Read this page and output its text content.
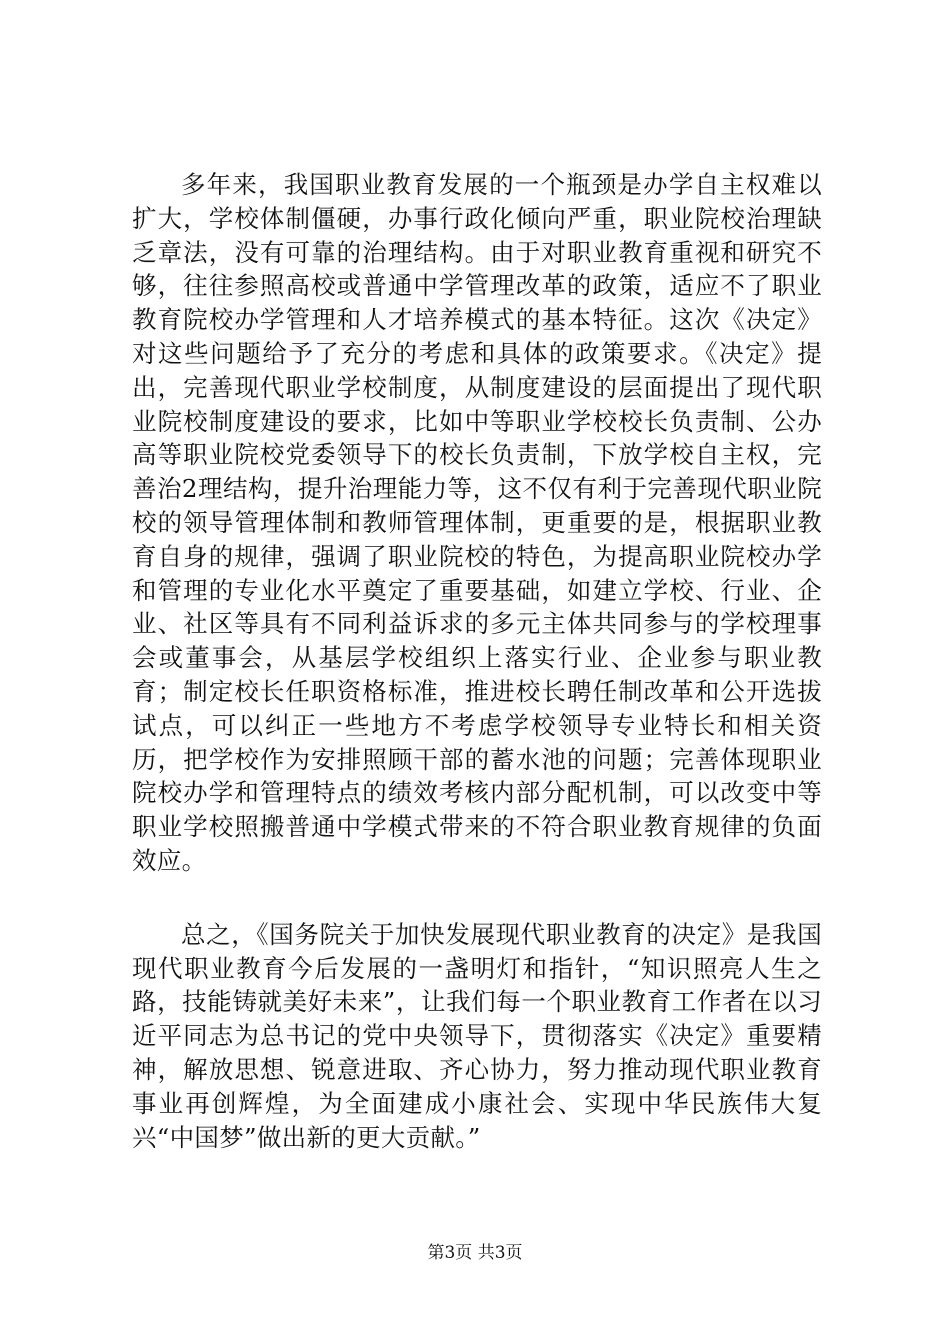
多年来，我国职业教育发展的一个瓶颈是办学自主权难以扩大，学校体制僵硬，办事行政化倾向严重，职业院校治理缺乏章法，没有可靠的治理结构。由于对职业教育重视和研究不够，往往参照高校或普通中学管理改革的政策，适应不了职业教育院校办学管理和人才培养模式的基本特征。这次《决定》对这些问题给予了充分的考虑和具体的政策要求。《决定》提出，完善现代职业学校制度，从制度建设的层面提出了现代职业院校制度建设的要求，比如中等职业学校校长负责制、公办高等职业院校党委领导下的校长负责制，下放学校自主权，完善治2理结构，提升治理能力等，这不仅有利于完善现代职业院校的领导管理体制和教师管理体制，更重要的是，根据职业教育自身的规律，强调了职业院校的特色，为提高职业院校办学和管理的专业化水平奠定了重要基础，如建立学校、行业、企业、社区等具有不同利益诉求的多元主体共同参与的学校理事会或董事会，从基层学校组织上落实行业、企业参与职业教育；制定校长任职资格标准，推进校长聘任制改革和公开选拔试点，可以纠正一些地方不考虑学校领导专业特长和相关资历，把学校作为安排照顾干部的蓄水池的问题；完善体现职业院校办学和管理特点的绩效考核内部分配机制，可以改变中等职业学校照搬普通中学模式带来的不符合职业教育规律的负面效应。

总之，《国务院关于加快发展现代职业教育的决定》是我国现代职业教育今后发展的一盏明灯和指针，“知识照亮人生之路，技能铸就美好未来”，让我们每一个职业教育工作者在以习近平同志为总书记的党中央领导下，贯彻落实《决定》重要精神，解放思想、锐意进取、齐心协力，努力推动现代职业教育事业再创辉煌，为全面建成小康社会、实现中华民族伟大复兴“中国梦”做出新的更大贡献。”

第3页 共3页
